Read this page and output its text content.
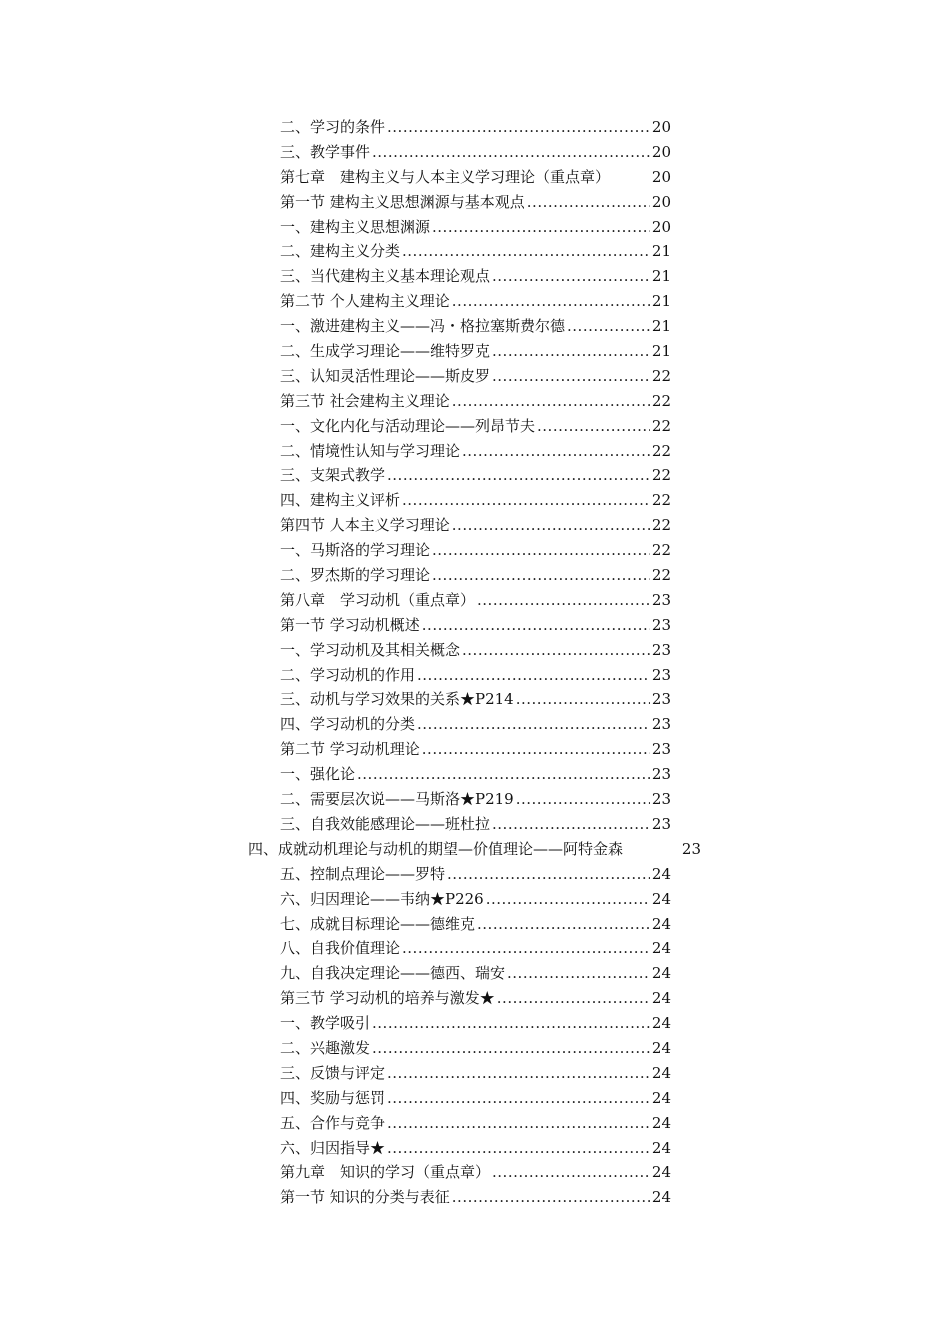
二、学习的条件 .....	20
三、教学事件 .....	20
第七章　建构主义与人本主义学习理论（重点章）	20
第一节 建构主义思想渊源与基本观点 .....	20
一、建构主义思想渊源 .....	20
二、建构主义分类 .....	21
三、当代建构主义基本理论观点 .....	21
第二节 个人建构主义理论 .....	21
一、激进建构主义——冯・格拉塞斯费尔德 .....	21
二、生成学习理论——维特罗克 .....	21
三、认知灵活性理论——斯皮罗 .....	22
第三节 社会建构主义理论 .....	22
一、文化内化与活动理论——列昂节夫 .....	22
二、情境性认知与学习理论 .....	22
三、支架式教学 .....	22
四、建构主义评析 .....	22
第四节 人本主义学习理论 .....	22
一、马斯洛的学习理论 .....	22
二、罗杰斯的学习理论 .....	22
第八章　学习动机（重点章） .....	23
第一节 学习动机概述 .....	23
一、学习动机及其相关概念 .....	23
二、学习动机的作用 .....	23
三、动机与学习效果的关系★P214 .....	23
四、学习动机的分类 .....	23
第二节 学习动机理论 .....	23
一、强化论 .....	23
二、需要层次说——马斯洛★P219 .....	23
三、自我效能感理论——班杜拉 .....	23
四、成就动机理论与动机的期望—价值理论——阿特金森	23
五、控制点理论——罗特 .....	24
六、归因理论——韦纳★P226 .....	24
七、成就目标理论——德维克 .....	24
八、自我价值理论 .....	24
九、自我决定理论——德西、瑞安 .....	24
第三节 学习动机的培养与激发★ .....	24
一、教学吸引 .....	24
二、兴趣激发 .....	24
三、反馈与评定 .....	24
四、奖励与惩罚 .....	24
五、合作与竞争 .....	24
六、归因指导★ .....	24
第九章　知识的学习（重点章） .....	24
第一节 知识的分类与表征 .....	24
